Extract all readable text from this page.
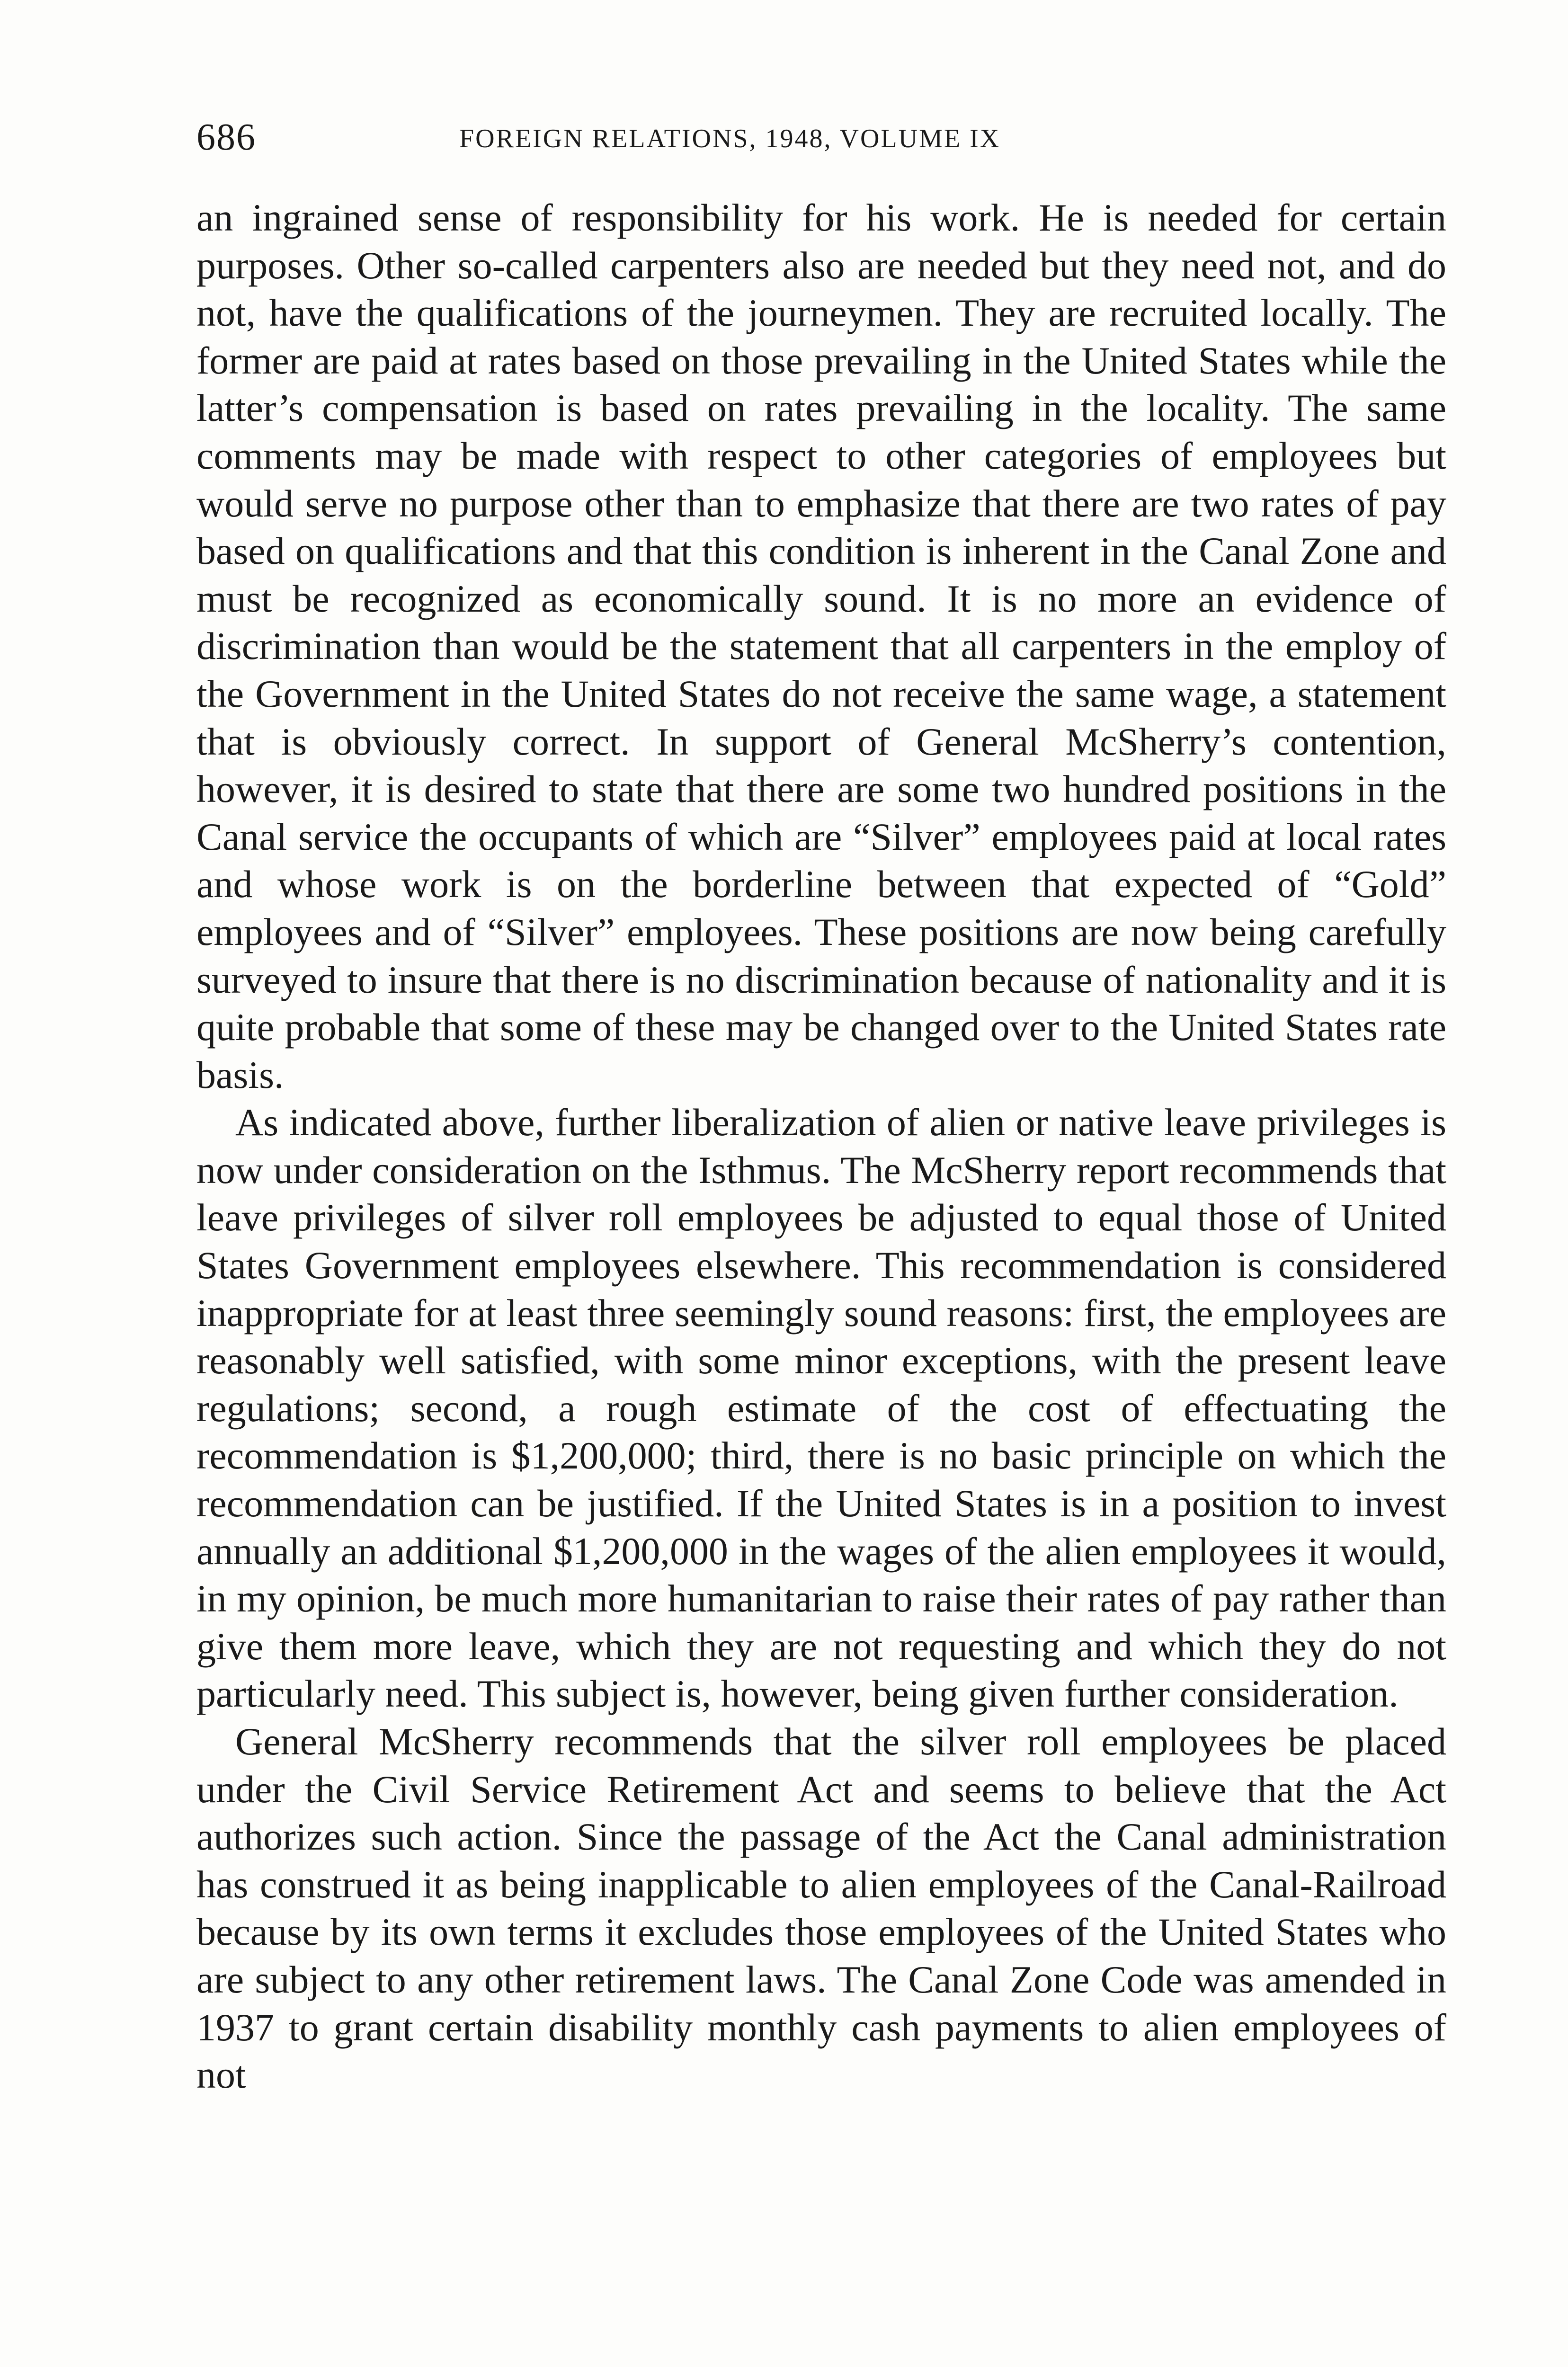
686	FOREIGN RELATIONS, 1948, VOLUME IX

an ingrained sense of responsibility for his work. He is needed for certain purposes. Other so-called carpenters also are needed but they need not, and do not, have the qualifications of the journeymen. They are recruited locally. The former are paid at rates based on those prevailing in the United States while the latter’s compensation is based on rates prevailing in the locality. The same comments may be made with respect to other categories of employees but would serve no purpose other than to emphasize that there are two rates of pay based on qualifications and that this condition is inherent in the Canal Zone and must be recognized as economically sound. It is no more an evidence of discrimination than would be the statement that all carpenters in the employ of the Government in the United States do not receive the same wage, a statement that is obviously correct. In support of General McSherry’s contention, however, it is desired to state that there are some two hundred positions in the Canal service the occupants of which are “Silver” employees paid at local rates and whose work is on the borderline between that expected of “Gold” employees and of “Silver” employees. These positions are now being carefully surveyed to insure that there is no discrimination because of nationality and it is quite probable that some of these may be changed over to the United States rate basis.

As indicated above, further liberalization of alien or native leave privileges is now under consideration on the Isthmus. The McSherry report recommends that leave privileges of silver roll employees be adjusted to equal those of United States Government employees elsewhere. This recommendation is considered inappropriate for at least three seemingly sound reasons: first, the employees are reasonably well satisfied, with some minor exceptions, with the present leave regulations; second, a rough estimate of the cost of effectuating the recommendation is $1,200,000; third, there is no basic principle on which the recommendation can be justified. If the United States is in a position to invest annually an additional $1,200,000 in the wages of the alien employees it would, in my opinion, be much more humanitarian to raise their rates of pay rather than give them more leave, which they are not requesting and which they do not particularly need. This subject is, however, being given further consideration.

General McSherry recommends that the silver roll employees be placed under the Civil Service Retirement Act and seems to believe that the Act authorizes such action. Since the passage of the Act the Canal administration has construed it as being inapplicable to alien employees of the Canal-Railroad because by its own terms it excludes those employees of the United States who are subject to any other retirement laws. The Canal Zone Code was amended in 1937 to grant certain disability monthly cash payments to alien employees of not
